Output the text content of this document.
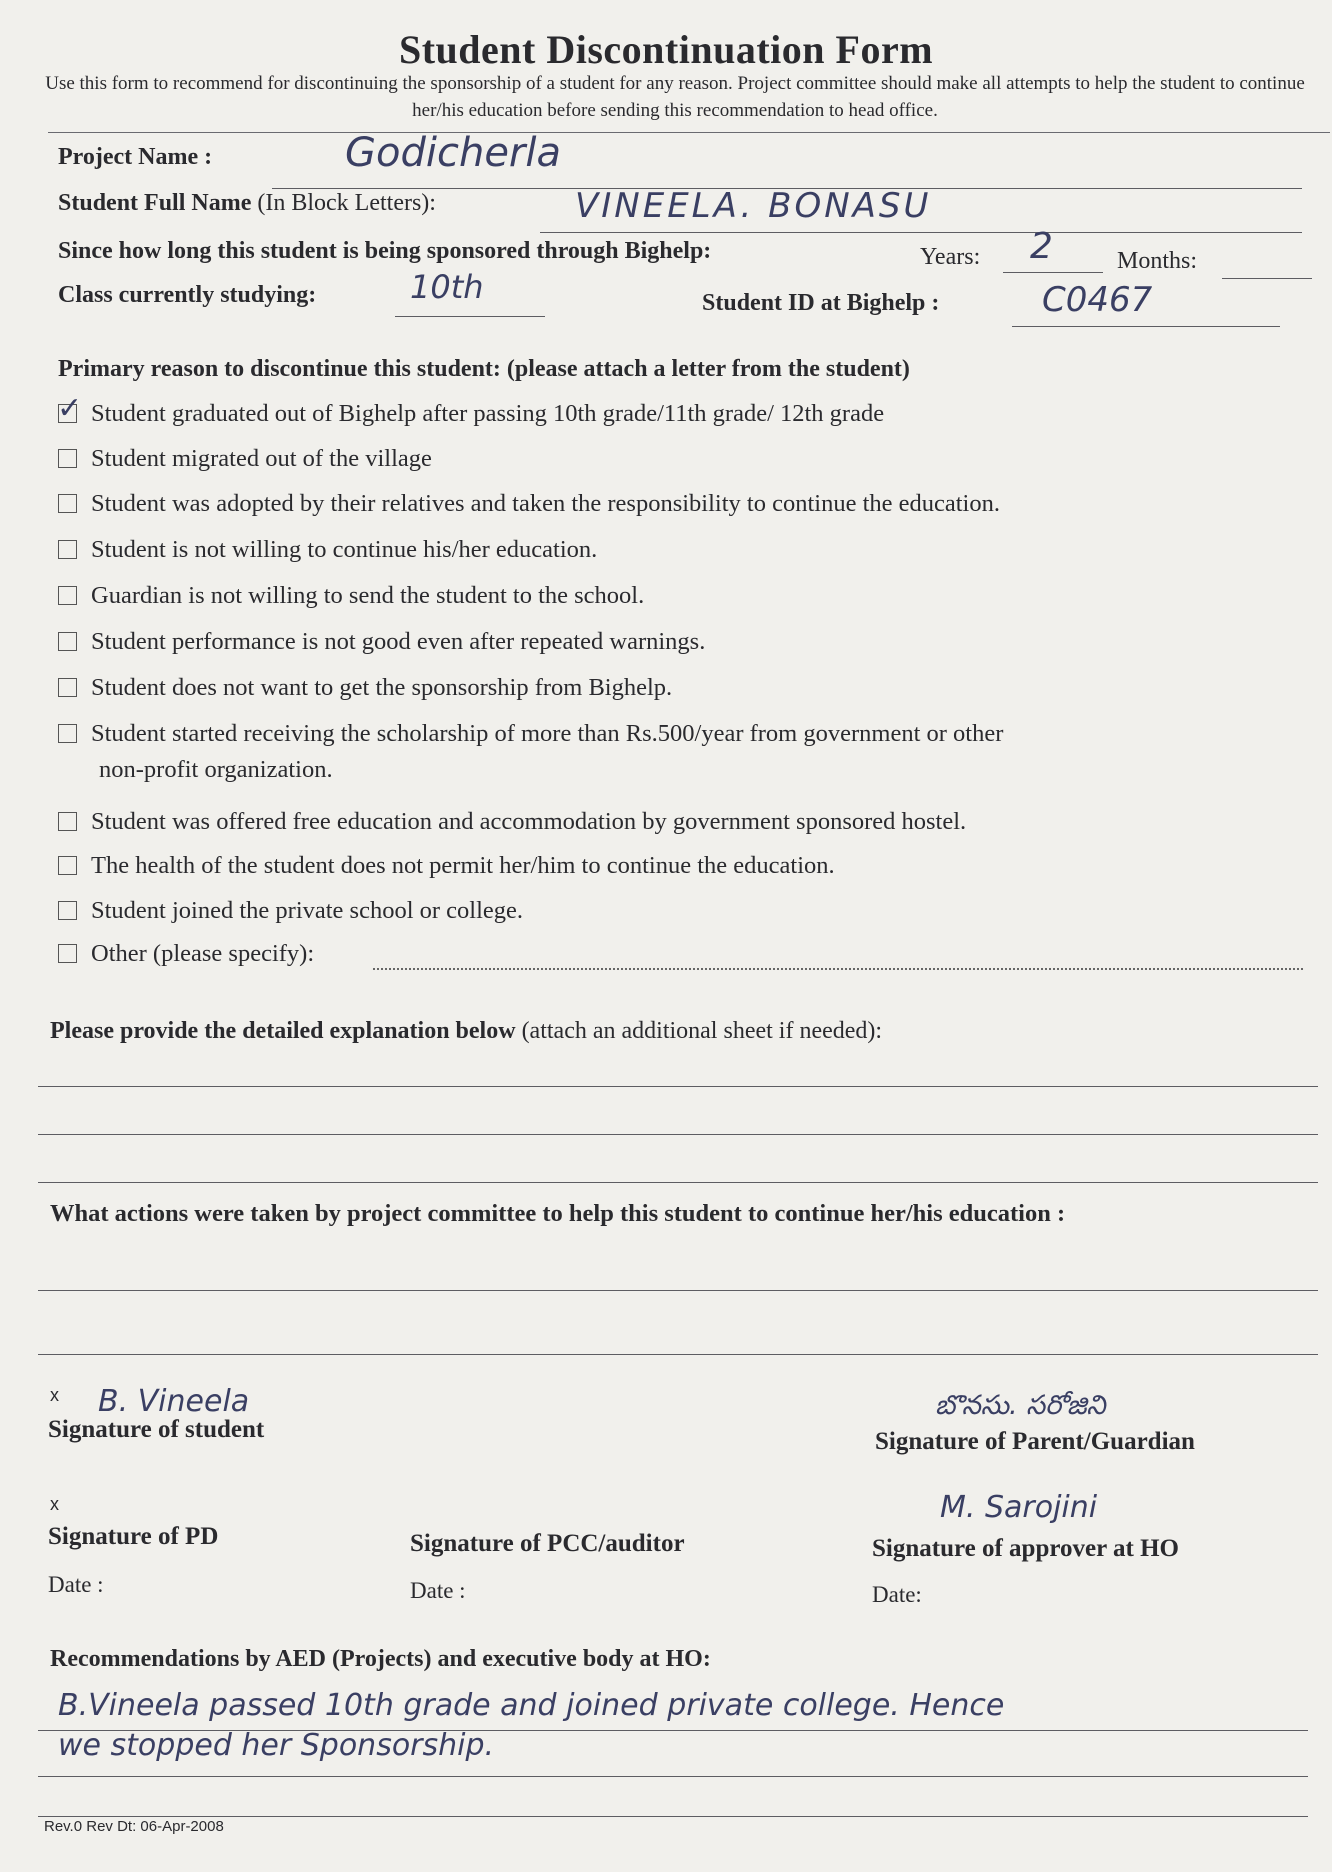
Student Discontinuation Form
Use this form to recommend for discontinuing the sponsorship of a student for any reason. Project committee should make all attempts to help the student to continue her/his education before sending this recommendation to head office.
Project Name :	Godicherla
Student Full Name (In Block Letters):	VINEELA. BONASU
Since how long this student is being sponsored through Bighelp:	Years: 2	Months:
Class currently studying:	10th	Student ID at Bighelp :	C0467
Primary reason to discontinue this student: (please attach a letter from the student)
✓ Student graduated out of Bighelp after passing 10th grade/11th grade/ 12th grade
Student migrated out of the village
Student was adopted by their relatives and taken the responsibility to continue the education.
Student is not willing to continue his/her education.
Guardian is not willing to send the student to the school.
Student performance is not good even after repeated warnings.
Student does not want to get the sponsorship from Bighelp.
Student started receiving the scholarship of more than Rs.500/year from government or other
non-profit organization.
Student was offered free education and accommodation by government sponsored hostel.
The health of the student does not permit her/him to continue the education.
Student joined the private school or college.
Other (please specify):
Please provide the detailed explanation below (attach an additional sheet if needed):
What actions were taken by project committee to help this student to continue her/his education :
x B. Vineela
Signature of student
బొనసు. సరోజిని
Signature of Parent/Guardian
x
Signature of PD
Date :
Signature of PCC/auditor
Date :
M. Sarojini
Signature of approver at HO
Date:
Recommendations by AED (Projects) and executive body at HO:
B.Vineela passed 10th grade and joined private college. Hence
we stopped her Sponsorship.
Rev.0 Rev Dt: 06-Apr-2008
